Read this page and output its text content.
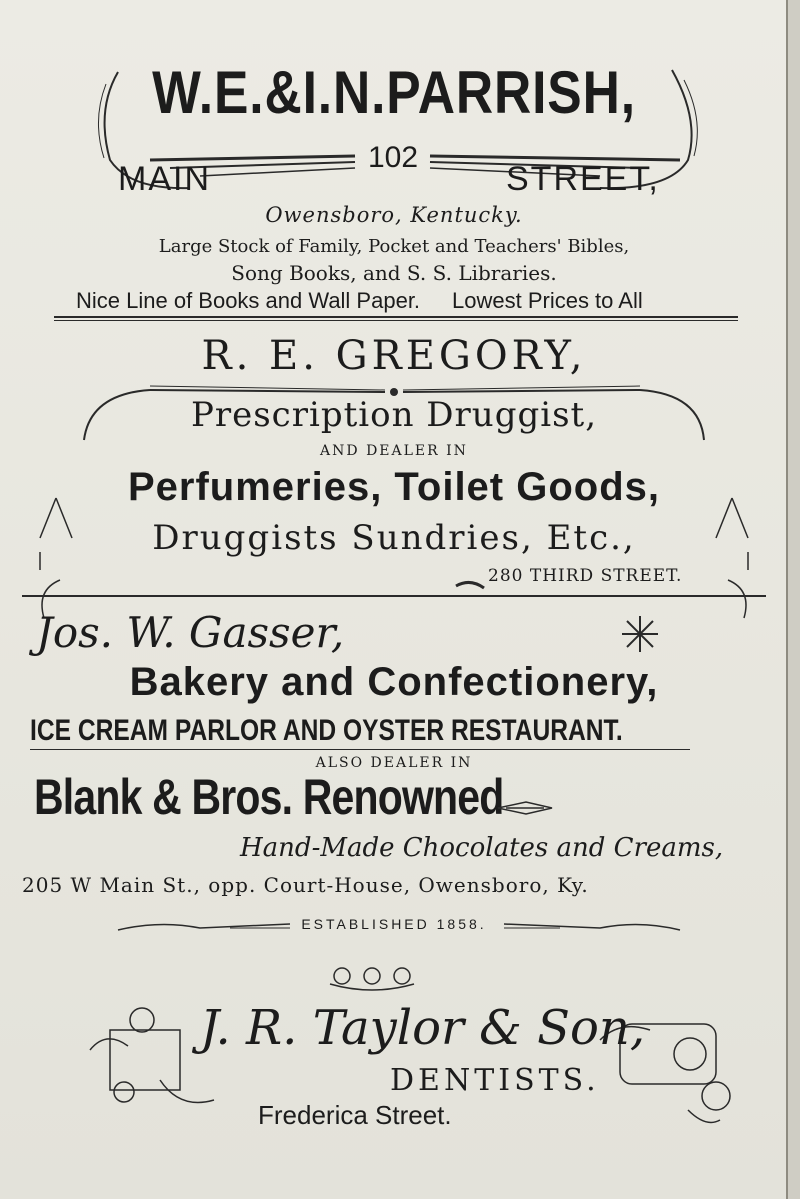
W.E.&I.N.PARRISH,
102
MAIN	STREET,
Owensboro, Kentucky.
Large Stock of Family, Pocket and Teachers' Bibles,
Song Books, and S. S. Libraries.
Nice Line of Books and Wall Paper. Lowest Prices to All
R. E. GREGORY,
Prescription Druggist,
AND DEALER IN
Perfumeries, Toilet Goods,
Druggists Sundries, Etc.,
280 THIRD STREET.
Jos. W. Gasser,
Bakery and Confectionery,
ICE CREAM PARLOR AND OYSTER RESTAURANT.
ALSO DEALER IN
Blank & Bros. Renowned
Hand-Made Chocolates and Creams,
205 W Main St., opp. Court-House, Owensboro, Ky.
ESTABLISHED 1858.
J. R. Taylor & Son,
DENTISTS.
Frederica Street.
